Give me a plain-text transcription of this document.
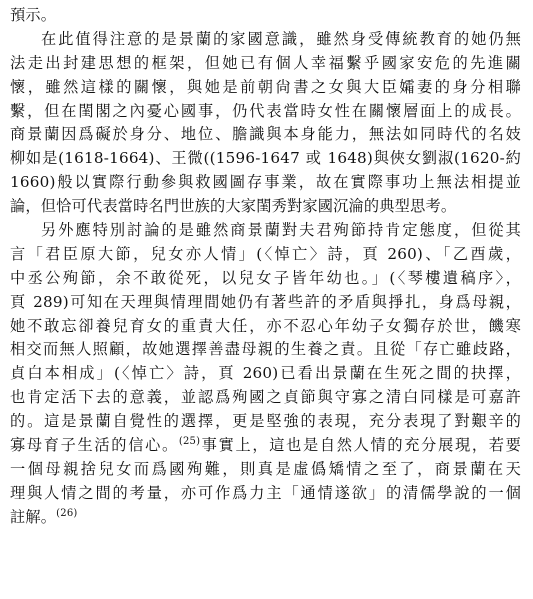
預示。
在此值得注意的是景蘭的家國意識，雖然身受傳統教育的她仍無
法走出封建思想的框架，但她已有個人幸福繫乎國家安危的先進關
懷，雖然這樣的關懷，與她是前朝尙書之女與大臣孀妻的身分相聯
繫，但在閨閣之內憂心國事，仍代表當時女性在關懷層面上的成長。
商景蘭因爲礙於身分、地位、膽識與本身能力，無法如同時代的名妓
柳如是(1618-1664)、王微((1596-1647 或 1648)與俠女劉淑(1620-約
1660)般以實際行動參與救國圖存事業，故在實際事功上無法相提並
論，但恰可代表當時名門世族的大家閨秀對家國沉淪的典型思考。
另外應特別討論的是雖然商景蘭對夫君殉節持肯定態度，但從其
言「君臣原大節，兒女亦人情」(〈悼亡〉詩，頁 260)、「乙酉歲，
中丞公殉節，余不敢從死，以兒女子皆年幼也。」(〈琴樓遺稿序〉，
頁 289)可知在天理與情理間她仍有著些許的矛盾與掙扎，身爲母親，
她不敢忘卻養兒育女的重責大任，亦不忍心年幼子女獨存於世，饑寒
相交而無人照顧，故她選擇善盡母親的生養之責。且從「存亡雖歧路，
貞白本相成」(〈悼亡〉詩，頁 260)已看出景蘭在生死之間的抉擇，
也肯定活下去的意義，並認爲殉國之貞節與守寡之清白同樣是可嘉許
的。這是景蘭自覺性的選擇，更是堅強的表現，充分表現了對艱辛的
寡母育子生活的信心。$^{(25)}$事實上，這也是自然人情的充分展現，若要
一個母親捨兒女而爲國殉難，則真是虛僞矯情之至了，商景蘭在天
理與人情之間的考量，亦可作爲力主「通情遂欲」的清儒學說的一個
註解。$^{(26)}$
